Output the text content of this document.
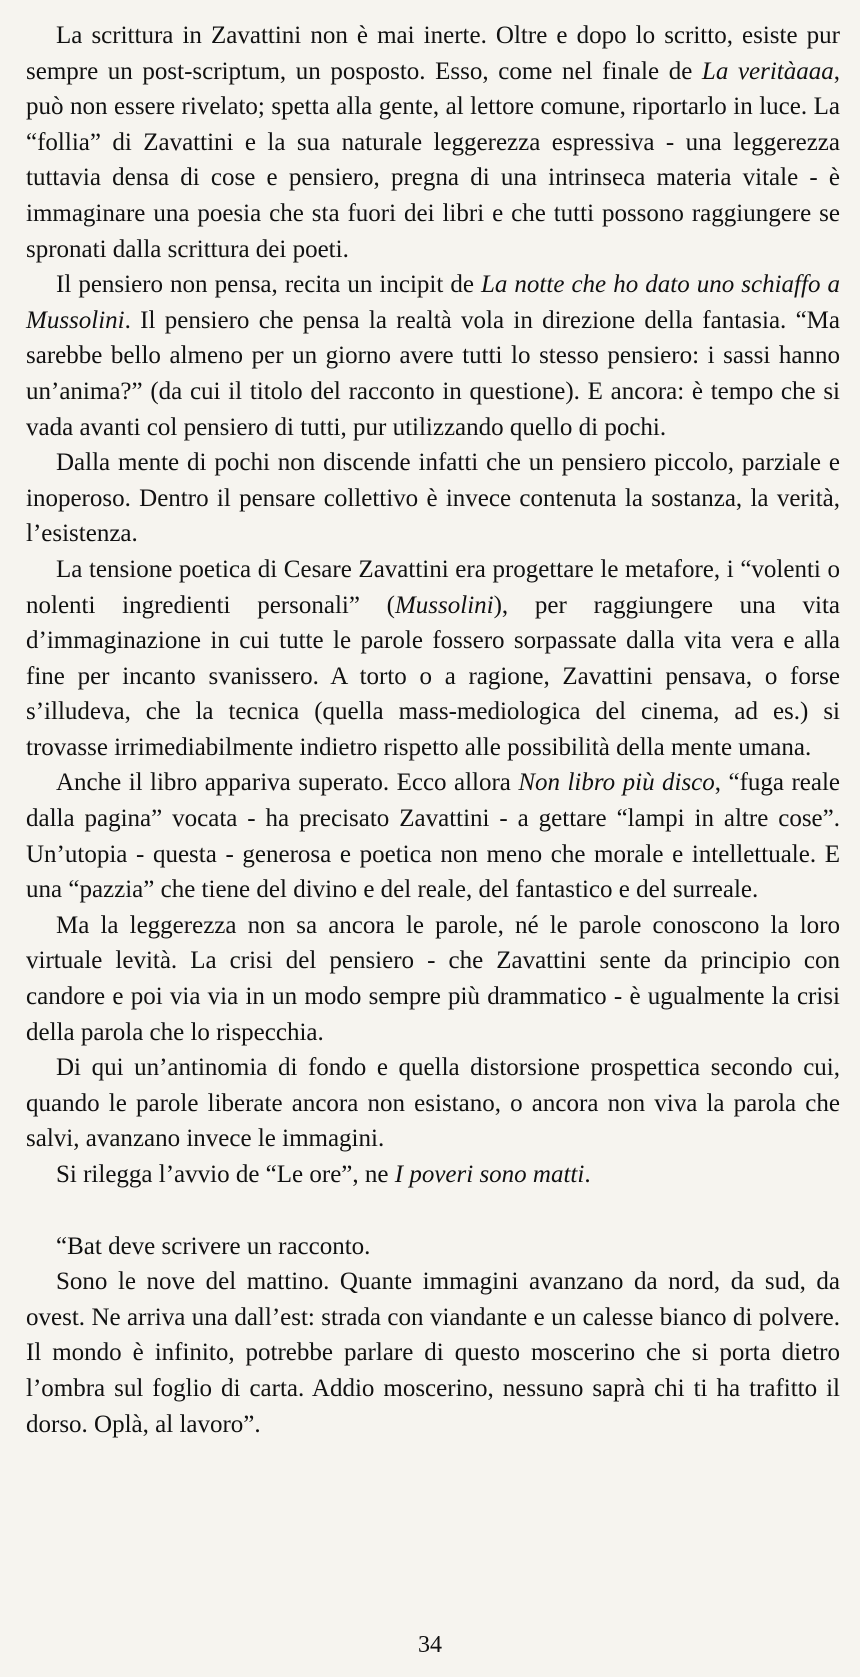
La scrittura in Zavattini non è mai inerte. Oltre e dopo lo scritto, esiste pur sempre un post-scriptum, un pospostо. Esso, come nel finale de La veritàaaa, può non essere rivelato; spetta alla gente, al lettore comune, riportarlo in luce. La “follia” di Zavattini e la sua naturale leggerezza espressiva - una leggerezza tuttavia densa di cose e pensiero, pregna di una intrinseca materia vitale - è immaginare una poesia che sta fuori dei libri e che tutti possono raggiungere se spronati dalla scrittura dei poeti.

Il pensiero non pensa, recita un incipit de La notte che ho dato uno schiaffo a Mussolini. Il pensiero che pensa la realtà vola in direzione della fantasia. “Ma sarebbe bello almeno per un giorno avere tutti lo stesso pensiero: i sassi hanno un’anima?” (da cui il titolo del racconto in questione). E ancora: è tempo che si vada avanti col pensiero di tutti, pur utilizzando quello di pochi.

Dalla mente di pochi non discende infatti che un pensiero piccolo, parziale e inoperoso. Dentro il pensare collettivo è invece contenuta la sostanza, la verità, l’esistenza.

La tensione poetica di Cesare Zavattini era progettare le metafore, i “volenti o nolenti ingredienti personali” (Mussolini), per raggiungere una vita d’immaginazione in cui tutte le parole fossero sorpassate dalla vita vera e alla fine per incanto svanissero. A torto o a ragione, Zavattini pensava, o forse s’illudeva, che la tecnica (quella mass-mediologica del cinema, ad es.) si trovasse irrimediabilmente indietro rispetto alle possibilità della mente umana.

Anche il libro appariva superato. Ecco allora Non libro più disco, “fuga reale dalla pagina” vocata - ha precisato Zavattini - a gettare “lampi in altre cose”. Un’utopia - questa - generosa e poetica non meno che morale e intellettuale. E una “pazzia” che tiene del divino e del reale, del fantastico e del surreale.

Ma la leggerezza non sa ancora le parole, né le parole conoscono la loro virtuale levità. La crisi del pensiero - che Zavattini sente da principio con candore e poi via via in un modo sempre più drammatico - è ugualmente la crisi della parola che lo rispecchia.

Di qui un’antinomia di fondo e quella distorsione prospettica secondo cui, quando le parole liberate ancora non esistano, o ancora non viva la parola che salvi, avanzano invece le immagini.

Si rilegga l’avvio de “Le ore”, ne I poveri sono matti.

“Bat deve scrivere un racconto.

Sono le nove del mattino. Quante immagini avanzano da nord, da sud, da ovest. Ne arriva una dall’est: strada con viandante e un calesse bianco di polvere. Il mondo è infinito, potrebbe parlare di questo moscerino che si porta dietro l’ombra sul foglio di carta. Addio moscerino, nessuno saprà chi ti ha trafitto il dorso. Oplà, al lavoro”.

34
